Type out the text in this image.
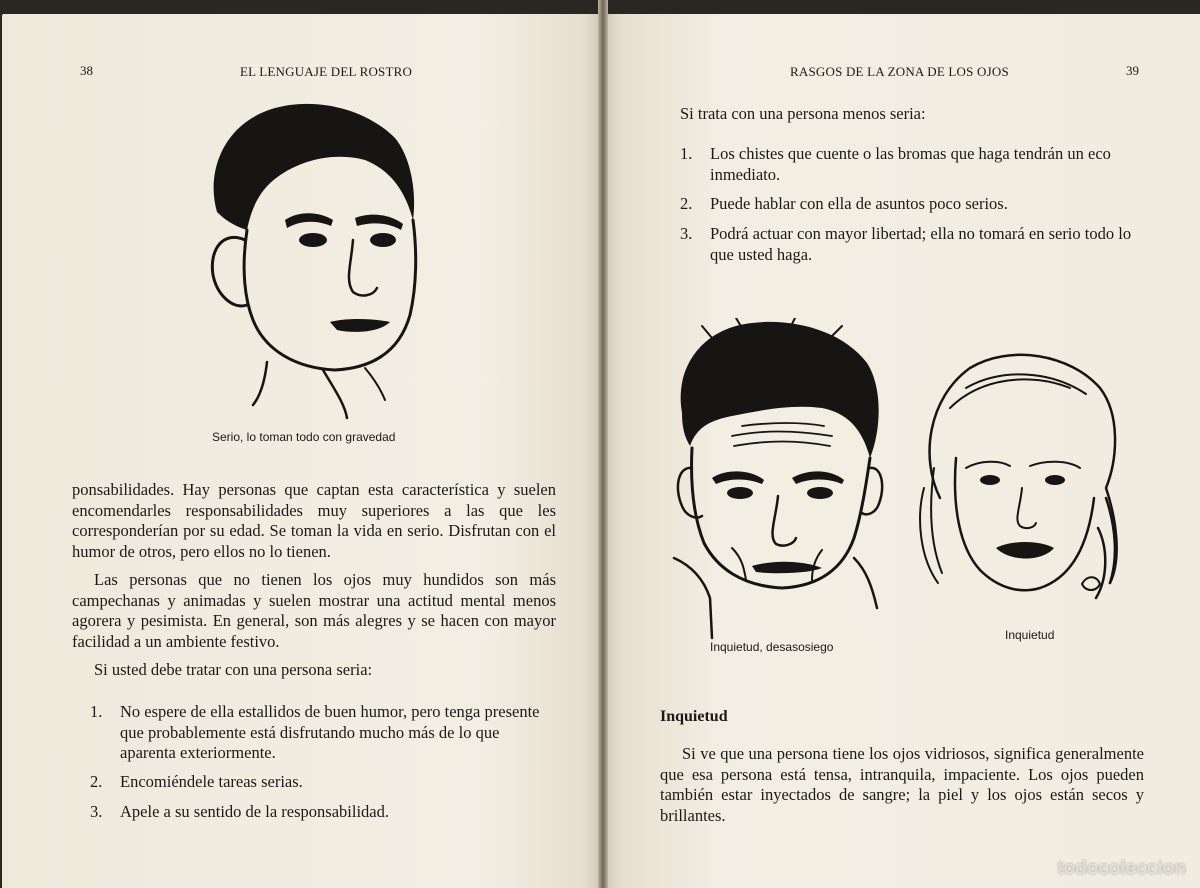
38	EL LENGUAJE DEL ROSTRO
Serio, lo toman todo con gravedad
ponsabilidades. Hay personas que captan esta característica y suelen encomendarles responsabilidades muy superiores a las que les corresponderían por su edad. Se toman la vida en serio. Disfrutan con el humor de otros, pero ellos no lo tienen.
Las personas que no tienen los ojos muy hundidos son más campechanas y animadas y suelen mostrar una actitud mental menos agorera y pesimista. En general, son más alegres y se hacen con mayor facilidad a un ambiente festivo.
Si usted debe tratar con una persona seria:
1. No espere de ella estallidos de buen humor, pero tenga presente que probablemente está disfrutando mucho más de lo que aparenta exteriormente.
2. Encomiéndele tareas serias.
3. Apele a su sentido de la responsabilidad.
RASGOS DE LA ZONA DE LOS OJOS	39
Si trata con una persona menos seria:
1. Los chistes que cuente o las bromas que haga tendrán un eco inmediato.
2. Puede hablar con ella de asuntos poco serios.
3. Podrá actuar con mayor libertad; ella no tomará en serio todo lo que usted haga.
Inquietud, desasosiego
Inquietud
Inquietud
Si ve que una persona tiene los ojos vidriosos, significa generalmente que esa persona está tensa, intranquila, impaciente. Los ojos pueden también estar inyectados de sangre; la piel y los ojos están secos y brillantes.
todocoleccion
